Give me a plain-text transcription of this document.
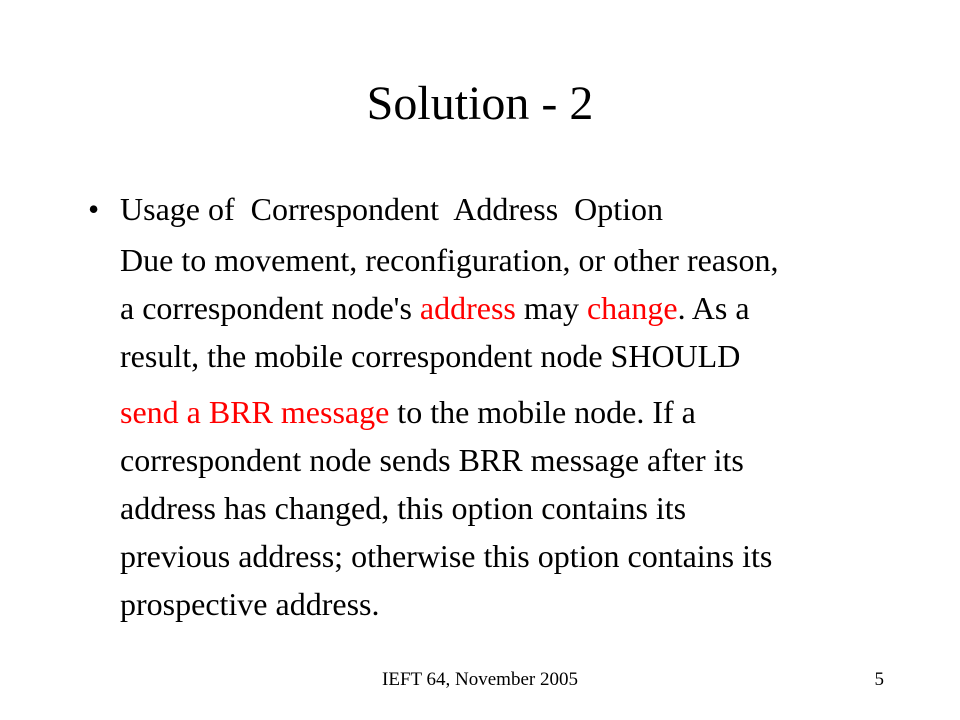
Solution - 2
• Usage of  Correspondent  Address  Option
Due to movement, reconfiguration, or other reason,
a correspondent node's address may change. As a
result, the mobile correspondent node SHOULD
send a BRR message to the mobile node. If a
correspondent node sends BRR message after its
address has changed, this option contains its
previous address; otherwise this option contains its
prospective address.
IEFT 64, November 2005	5
